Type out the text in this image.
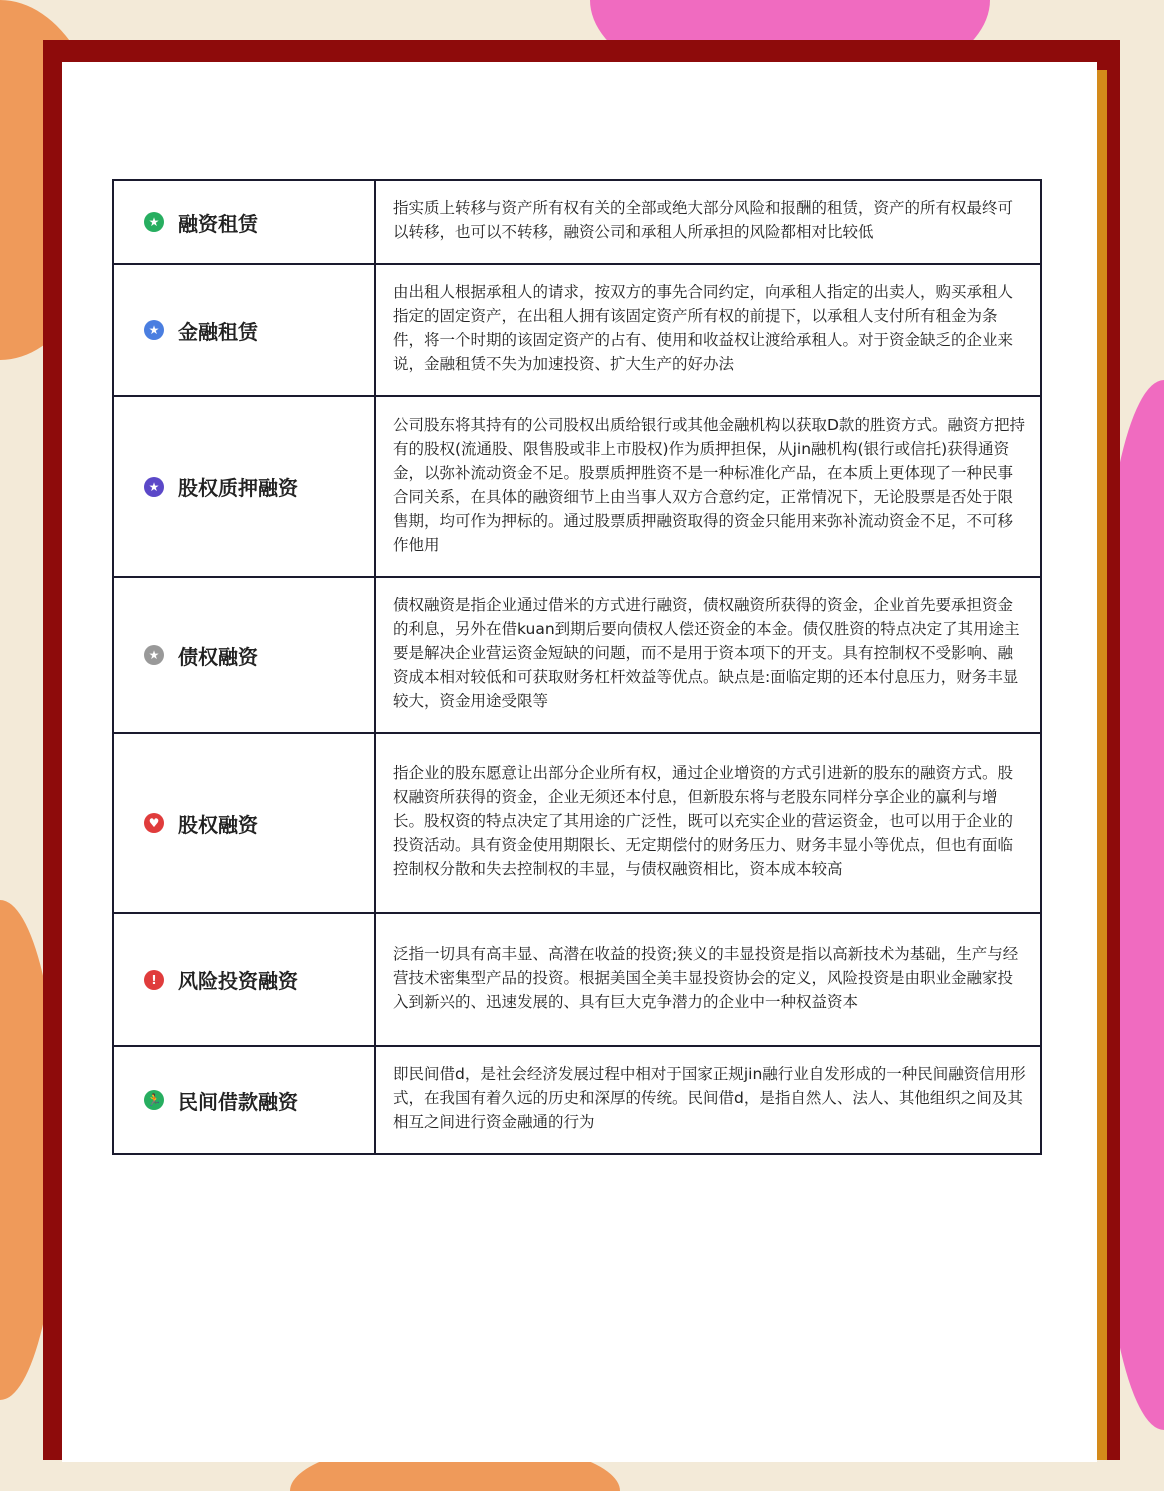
★ 融资租赁	指实质上转移与资产所有权有关的全部或绝大部分风险和报酬的租赁，资产的所有权最终可以转移，也可以不转移，融资公司和承租人所承担的风险都相对比较低

★ 金融租赁	由出租人根据承租人的请求，按双方的事先合同约定，向承租人指定的出卖人，购买承租人指定的固定资产，在出租人拥有该固定资产所有权的前提下，以承租人支付所有租金为条件，将一个时期的该固定资产的占有、使用和收益权让渡给承租人。对于资金缺乏的企业来说，金融租赁不失为加速投资、扩大生产的好办法

★ 股权质押融资	公司股东将其持有的公司股权出质给银行或其他金融机构以获取D款的胜资方式。融资方把持有的股权(流通股、限售股或非上市股权)作为质押担保，从jin融机构(银行或信托)获得通资金，以弥补流动资金不足。股票质押胜资不是一种标准化产品，在本质上更体现了一种民事合同关系，在具体的融资细节上由当事人双方合意约定，正常情况下，无论股票是否处于限售期，均可作为押标的。通过股票质押融资取得的资金只能用来弥补流动资金不足，不可移作他用

★ 债权融资	债权融资是指企业通过借米的方式进行融资，债权融资所获得的资金，企业首先要承担资金的利息，另外在借kuan到期后要向债权人偿还资金的本金。债仅胜资的特点决定了其用途主要是解决企业营运资金短缺的问题，而不是用于资本项下的开支。具有控制权不受影响、融资成本相对较低和可获取财务杠杆效益等优点。缺点是:面临定期的还本付息压力，财务丰显较大，资金用途受限等

♥ 股权融资	指企业的股东愿意让出部分企业所有权，通过企业增资的方式引进新的股东的融资方式。股权融资所获得的资金，企业无须还本付息，但新股东将与老股东同样分享企业的赢利与增长。股权资的特点决定了其用途的广泛性，既可以充实企业的营运资金，也可以用于企业的投资活动。具有资金使用期限长、无定期偿付的财务压力、财务丰显小等优点，但也有面临控制权分散和失去控制权的丰显，与债权融资相比，资本成本较高

! 风险投资融资	泛指一切具有高丰显、高潜在收益的投资;狭义的丰显投资是指以高新技术为基础，生产与经营技术密集型产品的投资。根据美国全美丰显投资协会的定义，风险投资是由职业金融家投入到新兴的、迅速发展的、具有巨大克争潜力的企业中一种权益资本

🏃 民间借款融资	即民间借d，是社会经济发展过程中相对于国家正规jin融行业自发形成的一种民间融资信用形式，在我国有着久远的历史和深厚的传统。民间借d，是指自然人、法人、其他组织之间及其相互之间进行资金融通的行为
